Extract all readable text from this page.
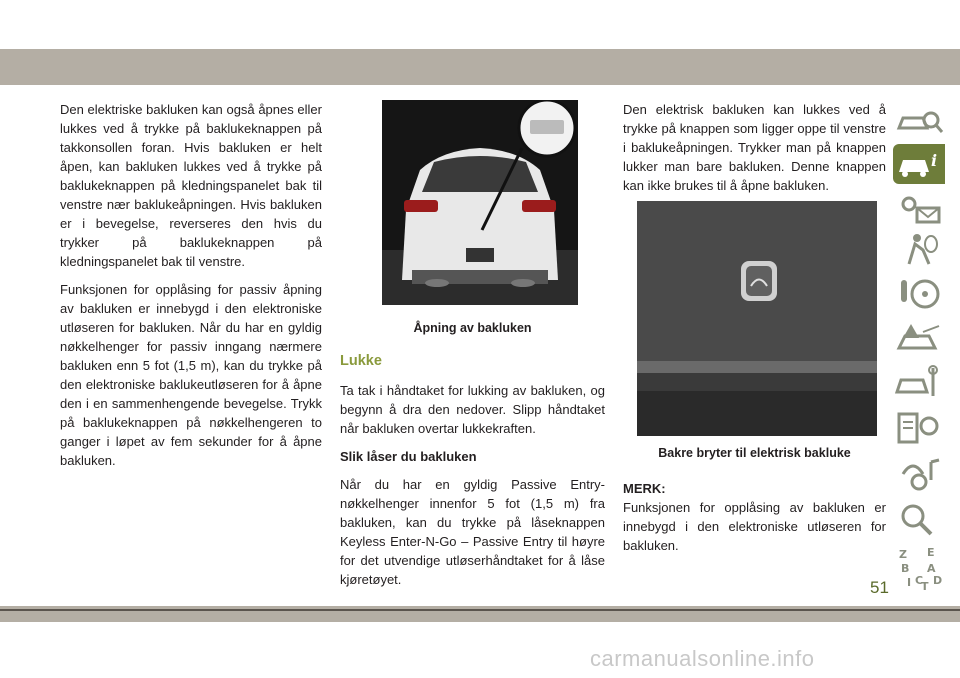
Den elektriske bakluken kan også åpnes eller lukkes ved å trykke på baklukeknappen på takkonsollen foran. Hvis bakluken er helt åpen, kan bakluken lukkes ved å trykke på baklukeknappen på kledningspanelet bak til venstre nær baklukeåpningen. Hvis bakluken er i bevegelse, reverseres den hvis du trykker på baklukeknappen på kledningspanelet bak til venstre.

Funksjonen for opplåsing for passiv åpning av bakluken er innebygd i den elektroniske utløseren for bakluken. Når du har en gyldig nøkkelhenger for passiv inngang nærmere bakluken enn 5 fot (1,5 m), kan du trykke på den elektroniske baklukeutløseren for å åpne den i en sammenhengende bevegelse. Trykk på baklukeknappen på nøkkelhengeren to ganger i løpet av fem sekunder for å åpne bakluken.

Åpning av bakluken
Lukke

Ta tak i håndtaket for lukking av bakluken, og begynn å dra den nedover. Slipp håndtaket når bakluken overtar lukkekraften.

Slik låser du bakluken

Når du har en gyldig Passive Entry-nøkkelhenger innenfor 5 fot (1,5 m) fra bakluken, kan du trykke på låseknappen Keyless Enter-N-Go – Passive Entry til høyre for det utvendige utløserhåndtaket for å låse kjøretøyet.

Den elektrisk bakluken kan lukkes ved å trykke på knappen som ligger oppe til venstre i baklukeåpningen. Trykker man på knappen lukker man bare bakluken. Denne knappen kan ikke brukes til å åpne bakluken.

Bakre bryter til elektrisk bakluke
MERK:
Funksjonen for opplåsing av bakluken er innebygd i den elektroniske utløseren for bakluken.
i
Z E
B A
I C D
T
51
carmanualsonline.info
